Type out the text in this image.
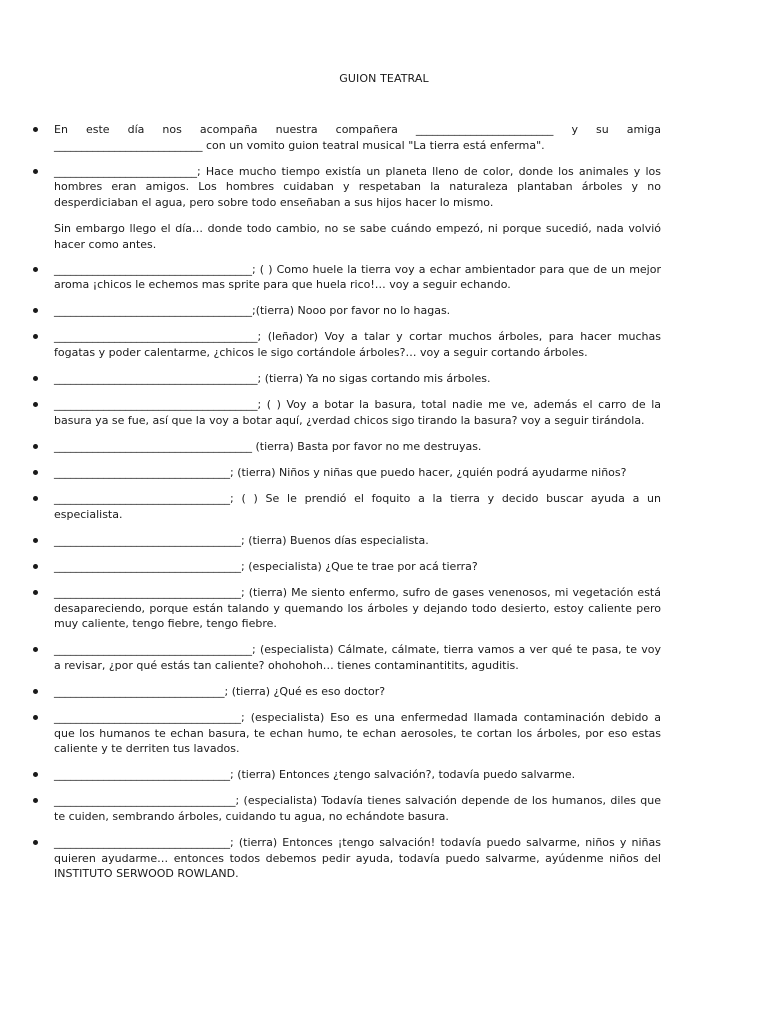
GUION TEATRAL
En este día nos acompaña nuestra compañera _________________________ y su amiga ___________________________ con un vomito guion teatral musical "La tierra está enferma".
__________________________; Hace mucho tiempo existía un planeta lleno de color, donde los animales y los hombres eran amigos. Los hombres cuidaban y respetaban la naturaleza plantaban árboles y no desperdiciaban el agua, pero sobre todo enseñaban a sus hijos hacer lo mismo.
Sin embargo llego el día… donde todo cambio, no se sabe cuándo empezó, ni porque sucedió, nada volvió hacer como antes.
____________________________________; ( ) Como huele la tierra voy a echar ambientador para que de un mejor aroma ¡chicos le echemos mas sprite para que huela rico!… voy a seguir echando.
____________________________________;(tierra) Nooo por favor no lo hagas.
_____________________________________; (leñador) Voy a talar y cortar muchos árboles, para hacer muchas fogatas y poder calentarme, ¿chicos le sigo cortándole árboles?… voy a seguir cortando árboles.
_____________________________________; (tierra) Ya no sigas cortando mis árboles.
_____________________________________; ( ) Voy a botar la basura, total nadie me ve, además el carro de la basura ya se fue, así que la voy a botar aquí, ¿verdad chicos sigo tirando la basura? voy a seguir tirándola.
____________________________________ (tierra) Basta por favor no me destruyas.
________________________________; (tierra) Niños y niñas que puedo hacer, ¿quién podrá ayudarme niños?
________________________________; ( ) Se le prendió el foquito a la tierra y decido buscar ayuda a un especialista.
__________________________________; (tierra) Buenos días especialista.
__________________________________; (especialista) ¿Que te trae por acá tierra?
__________________________________; (tierra) Me siento enfermo, sufro de gases venenosos, mi vegetación está desapareciendo, porque están talando y quemando los árboles y dejando todo desierto, estoy caliente pero muy caliente, tengo fiebre, tengo fiebre.
____________________________________; (especialista) Cálmate, cálmate, tierra vamos a ver qué te pasa, te voy a revisar, ¿por qué estás tan caliente? ohohohoh… tienes contaminantitits, aguditis.
_______________________________; (tierra) ¿Qué es eso doctor?
__________________________________; (especialista) Eso es una enfermedad llamada contaminación debido a que los humanos te echan basura, te echan humo, te echan aerosoles, te cortan los árboles, por eso estas caliente y te derriten tus lavados.
________________________________; (tierra) Entonces ¿tengo salvación?, todavía puedo salvarme.
_________________________________; (especialista) Todavía tienes salvación depende de los humanos, diles que te cuiden, sembrando árboles, cuidando tu agua, no echándote basura.
________________________________; (tierra) Entonces ¡tengo salvación! todavía puedo salvarme, niños y niñas quieren ayudarme… entonces todos debemos pedir ayuda, todavía puedo salvarme, ayúdenme niños del INSTITUTO SERWOOD ROWLAND.
